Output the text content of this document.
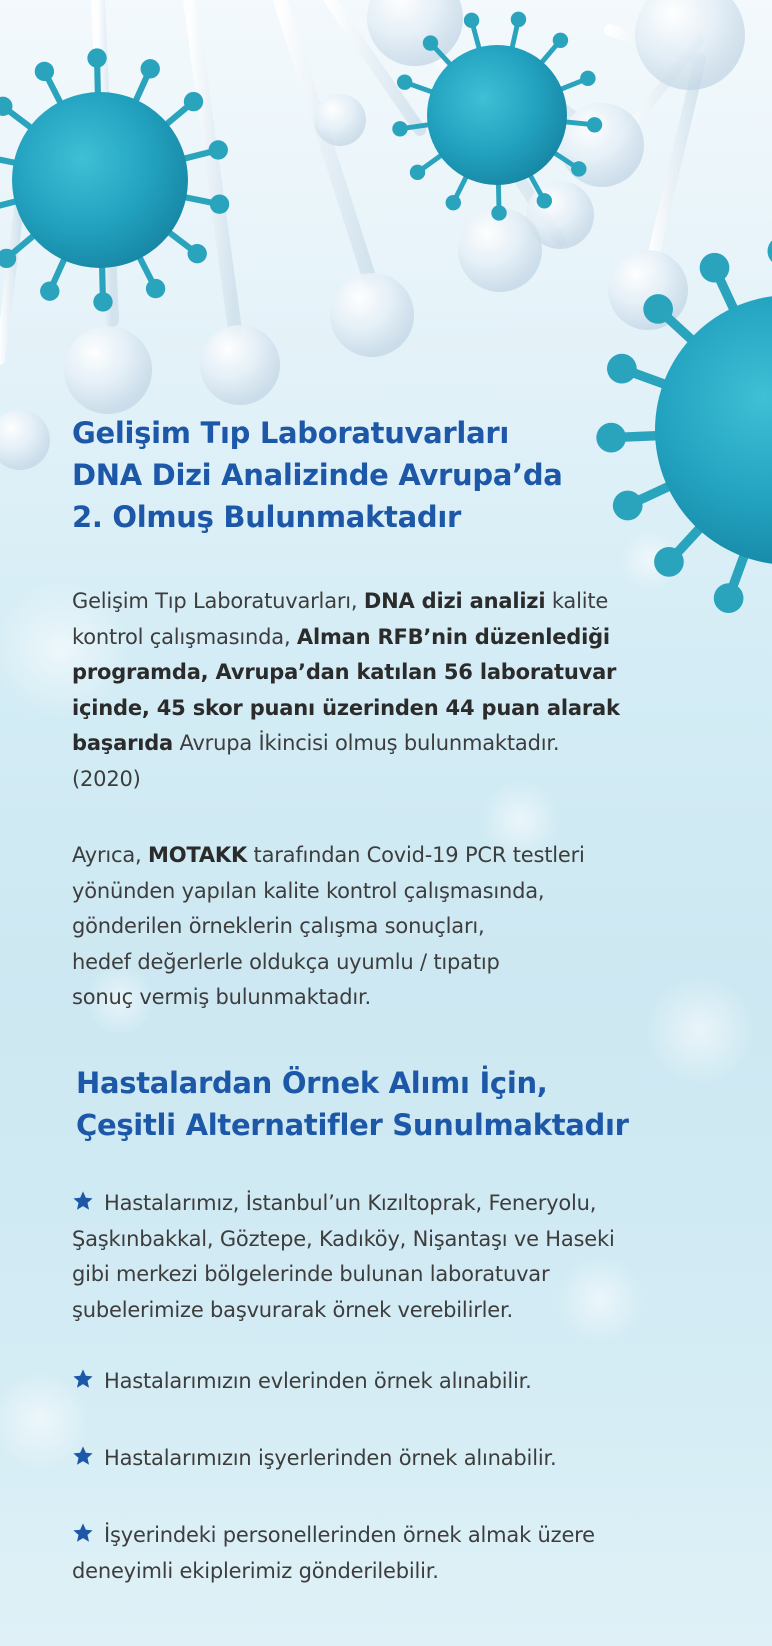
Gelişim Tıp Laboratuvarları
DNA Dizi Analizinde Avrupa’da
2. Olmuş Bulunmaktadır

Gelişim Tıp Laboratuvarları, DNA dizi analizi kalite
kontrol çalışmasında, Alman RFB’nin düzenlediği
programda, Avrupa’dan katılan 56 laboratuvar
içinde, 45 skor puanı üzerinden 44 puan alarak
başarıda Avrupa İkincisi olmuş bulunmaktadır.
(2020)

Ayrıca, MOTAKK tarafından Covid-19 PCR testleri
yönünden yapılan kalite kontrol çalışmasında,
gönderilen örneklerin çalışma sonuçları,
hedef değerlerle oldukça uyumlu / tıpatıp
sonuç vermiş bulunmaktadır.

Hastalardan Örnek Alımı İçin,
Çeşitli Alternatifler Sunulmaktadır
Hastalarımız, İstanbul’un Kızıltoprak, Feneryolu,
Şaşkınbakkal, Göztepe, Kadıköy, Nişantaşı ve Haseki
gibi merkezi bölgelerinde bulunan laboratuvar
şubelerimize başvurarak örnek verebilirler.
Hastalarımızın evlerinden örnek alınabilir.
Hastalarımızın işyerlerinden örnek alınabilir.
İşyerindeki personellerinden örnek almak üzere
deneyimli ekiplerimiz gönderilebilir.
